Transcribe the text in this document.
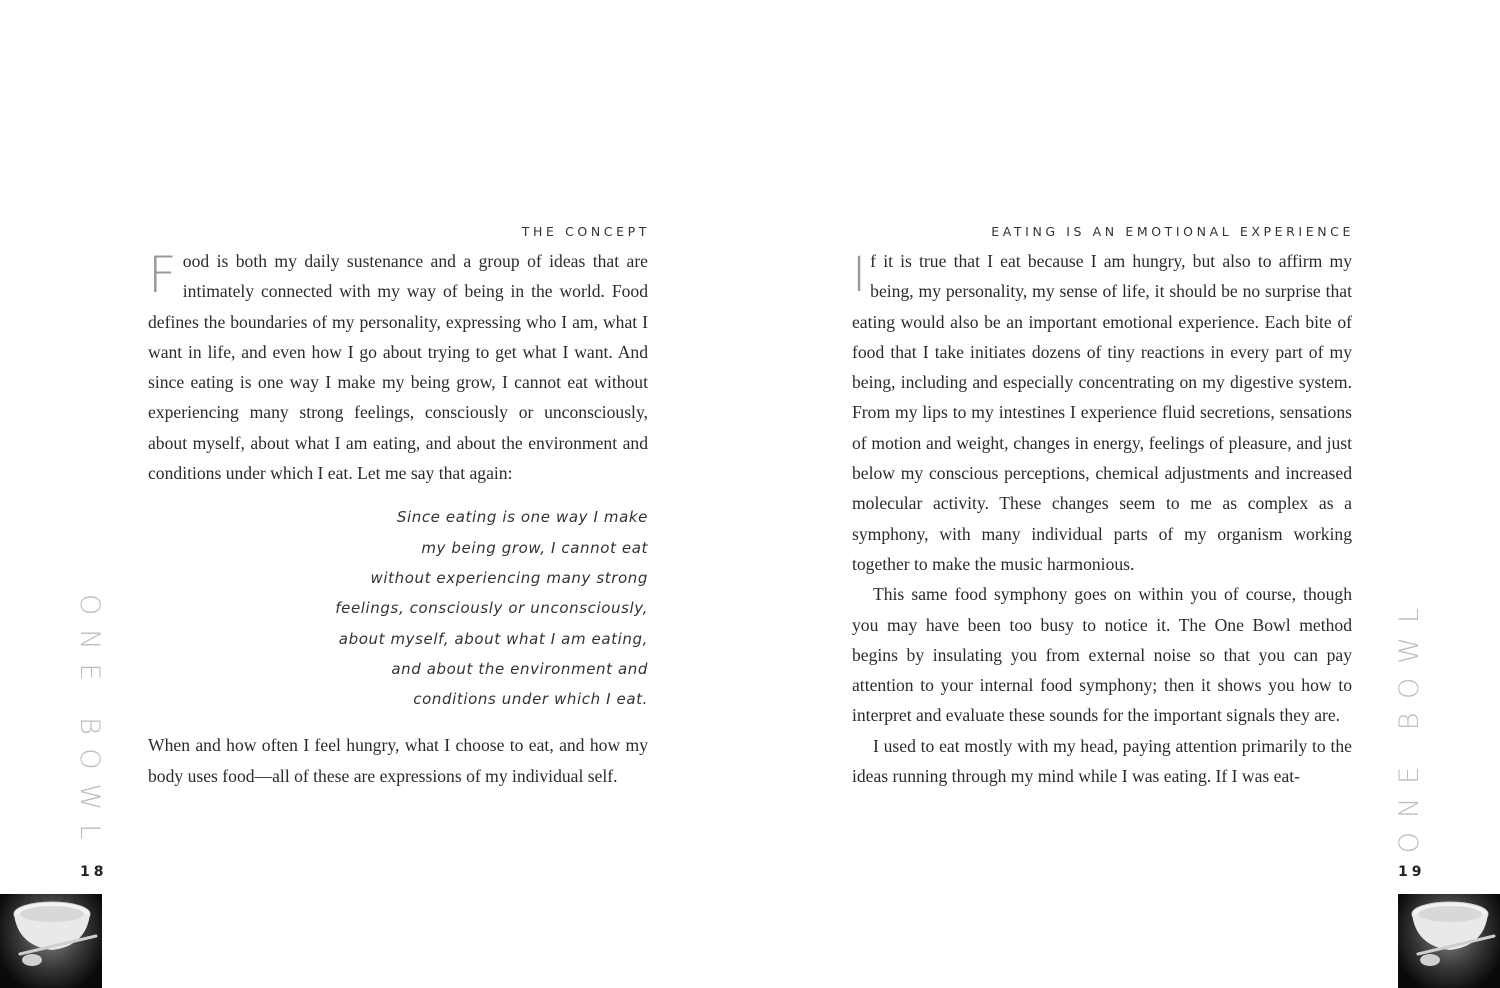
THE CONCEPT

Food is both my daily sustenance and a group of ideas that are intimately connected with my way of being in the world. Food defines the boundaries of my personality, expressing who I am, what I want in life, and even how I go about trying to get what I want. And since eating is one way I make my being grow, I cannot eat without experiencing many strong feelings, consciously or unconsciously, about myself, about what I am eating, and about the environment and conditions under which I eat. Let me say that again:

Since eating is one way I make
my being grow, I cannot eat
without experiencing many strong
feelings, consciously or unconsciously,
about myself, about what I am eating,
and about the environment and
conditions under which I eat.

When and how often I feel hungry, what I choose to eat, and how my body uses food—all of these are expressions of my individual self.

ONE BOWL
18
EATING IS AN EMOTIONAL EXPERIENCE

If it is true that I eat because I am hungry, but also to affirm my being, my personality, my sense of life, it should be no surprise that eating would also be an important emotional experience. Each bite of food that I take initiates dozens of tiny reactions in every part of my being, including and especially concentrating on my digestive system. From my lips to my intestines I experience fluid secretions, sensations of motion and weight, changes in energy, feelings of pleasure, and just below my conscious perceptions, chemical adjustments and increased molecular activity. These changes seem to me as complex as a symphony, with many individual parts of my organism working together to make the music harmonious.

This same food symphony goes on within you of course, though you may have been too busy to notice it. The One Bowl method begins by insulating you from external noise so that you can pay attention to your internal food symphony; then it shows you how to interpret and evaluate these sounds for the important signals they are.

I used to eat mostly with my head, paying attention primarily to the ideas running through my mind while I was eating. If I was eat-	ONE BOWL
19
